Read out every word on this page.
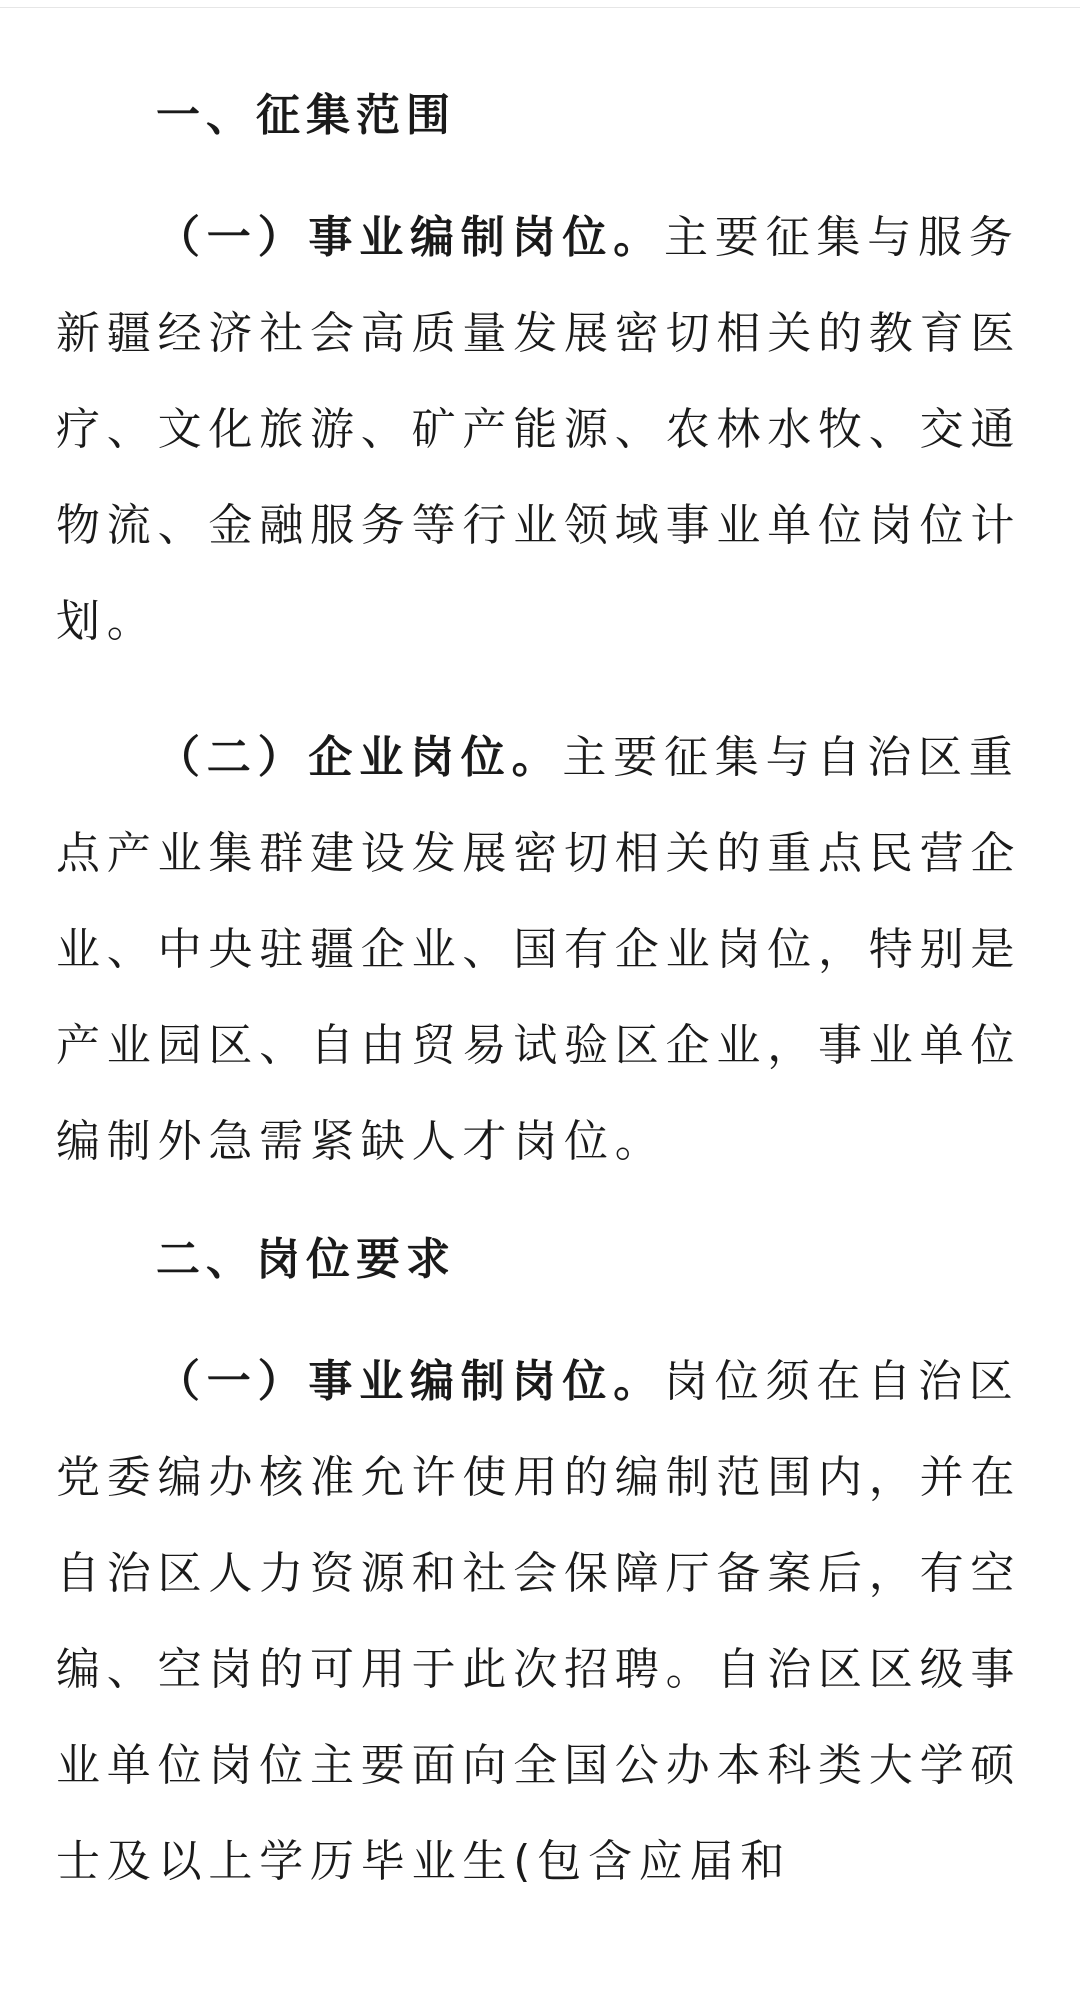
一、征集范围

（一）事业编制岗位。主要征集与服务新疆经济社会高质量发展密切相关的教育医疗、文化旅游、矿产能源、农林水牧、交通物流、金融服务等行业领域事业单位岗位计划。

（二）企业岗位。主要征集与自治区重点产业集群建设发展密切相关的重点民营企业、中央驻疆企业、国有企业岗位，特别是产业园区、自由贸易试验区企业，事业单位编制外急需紧缺人才岗位。

二、岗位要求

（一）事业编制岗位。岗位须在自治区党委编办核准允许使用的编制范围内，并在自治区人力资源和社会保障厅备案后，有空编、空岗的可用于此次招聘。自治区区级事业单位岗位主要面向全国公办本科类大学硕士及以上学历毕业生(包含应届和
